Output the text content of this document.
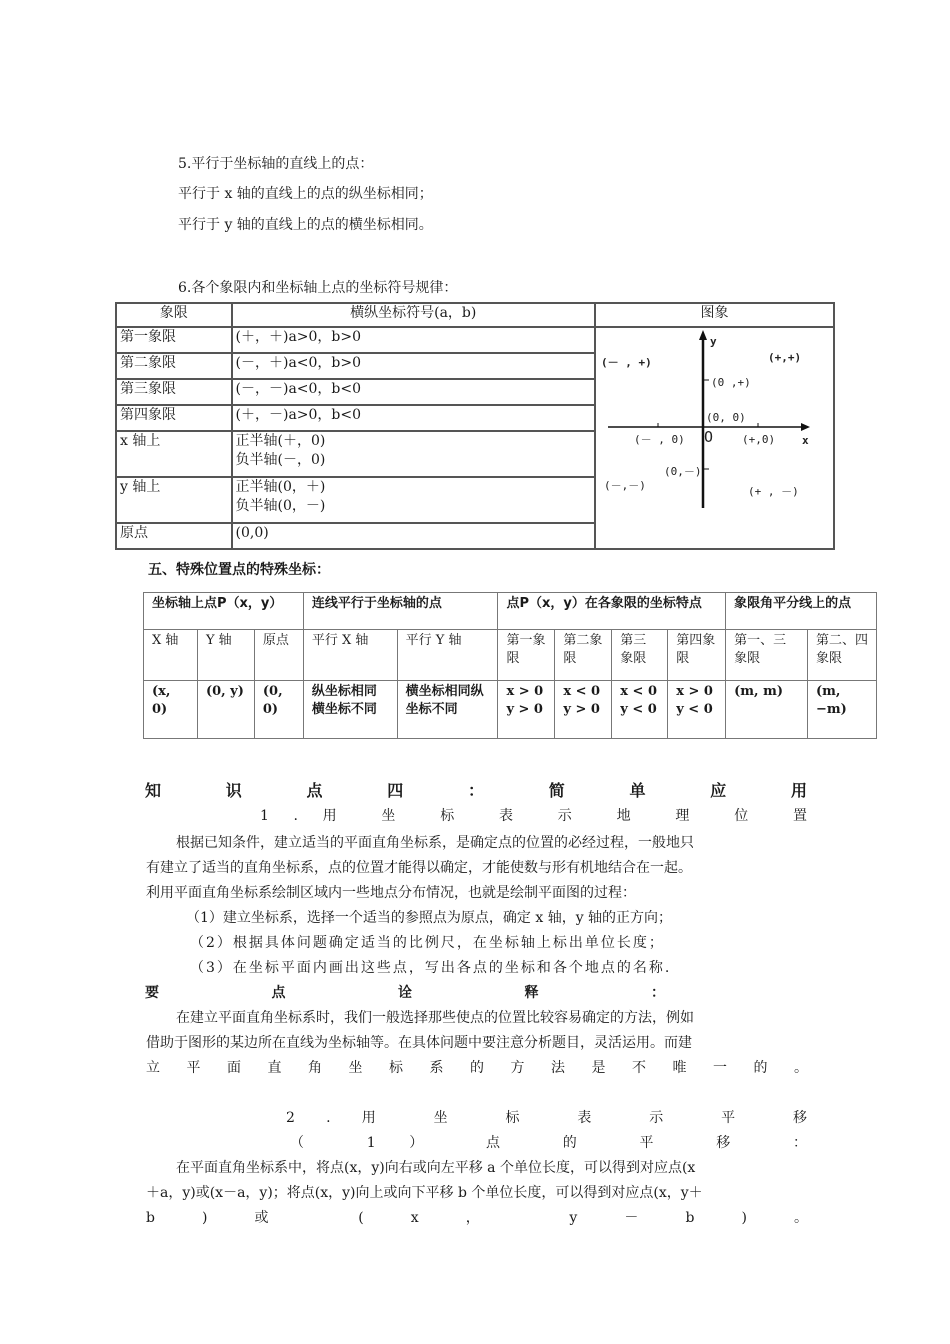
5.平行于坐标轴的直线上的点：
平行于 x 轴的直线上的点的纵坐标相同；
平行于 y 轴的直线上的点的横坐标相同。
6.各个象限内和坐标轴上点的坐标符号规律：
象限	横纵坐标符号(a，b)	图象
第一象限	(＋，＋)a>0，b>0	y
x
O
(+,+)
(－ , +)
(－,－)	(+ , －)
(+,0)
(－ , 0)
(0 ,+)
(0,－)
(0, 0)

第二象限	(－，＋)a<0，b>0	
第三象限	(－，－)a<0，b<0	
第四象限	(＋，－)a>0，b<0	
x 轴上	正半轴(＋，0)
负半轴(－，0)	

y 轴上	正半轴(0，＋)
负半轴(0，－)	

原点	(0,0)	
五、特殊位置点的特殊坐标：
坐标轴上点P（x，y）			连线平行于坐标轴的点		点P（x，y）在各象限的坐标特点				象限角平分线上的点	
X 轴	Y 轴	原点	平行 X 轴	平行 Y 轴	第一象限	第二象限	第三象限	第四象限	第一、三象限	第二、四象限
(x, 0)	(0, y)	(0, 0)	纵坐标相同横坐标不同	横坐标相同纵坐标不同	x > 0 y > 0	x < 0 y > 0	x < 0 y < 0	x > 0 y < 0	(m, m)	(m, −m)
知 识 点 四 ： 简 单 应 用
1 . 用 坐 标 表 示 地 理 位 置
根据已知条件，建立适当的平面直角坐标系，是确定点的位置的必经过程，一般地只
有建立了适当的直角坐标系，点的位置才能得以确定，才能使数与形有机地结合在一起。
利用平面直角坐标系绘制区域内一些地点分布情况，也就是绘制平面图的过程：
（1）建立坐标系，选择一个适当的参照点为原点，确定 x 轴，y 轴的正方向；
（2）根据具体问题确定适当的比例尺，在坐标轴上标出单位长度；
（3）在坐标平面内画出这些点，写出各点的坐标和各个地点的名称.
要 点 诠 释 ：
在建立平面直角坐标系时，我们一般选择那些使点的位置比较容易确定的方法，例如
借助于图形的某边所在直线为坐标轴等。在具体问题中要注意分析题目，灵活运用。而建
立 平 面 直 角 坐 标 系 的 方 法 是 不 唯 一 的 。
2 . 用 坐 标 表 示 平 移
（ 1 ） 点 的 平 移 ：
在平面直角坐标系中，将点(x，y)向右或向左平移 a 个单位长度，可以得到对应点(x
＋a，y)或(x－a，y)；将点(x，y)向上或向下平移 b 个单位长度，可以得到对应点(x，y＋
b ) 或 ( x ， y － b ) 。
